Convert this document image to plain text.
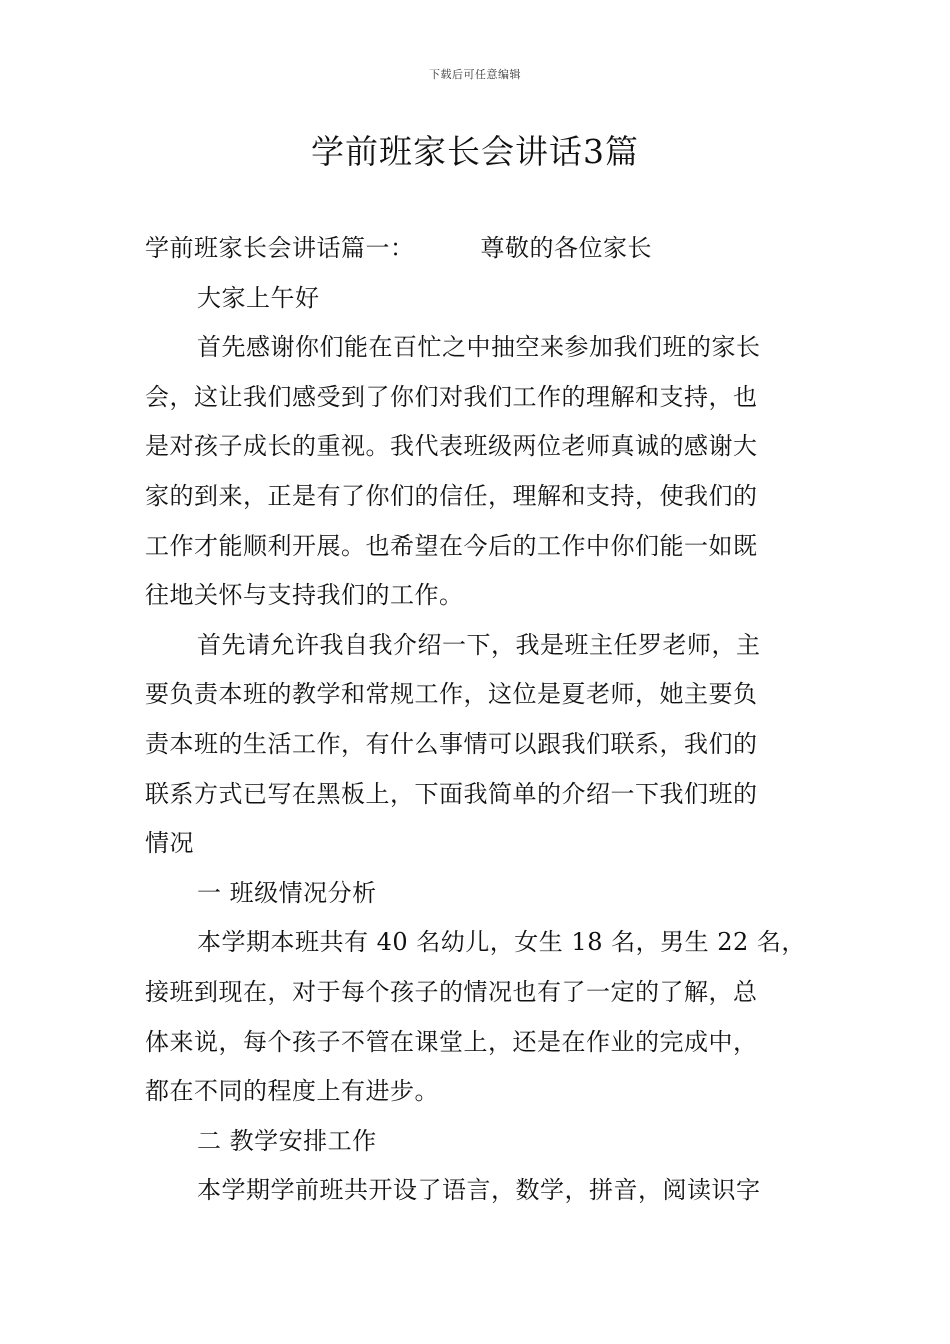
下载后可任意编辑
学前班家长会讲话3篇
学前班家长会讲话篇一：	尊敬的各位家长
大家上午好
首先感谢你们能在百忙之中抽空来参加我们班的家长
会，这让我们感受到了你们对我们工作的理解和支持，也
是对孩子成长的重视。我代表班级两位老师真诚的感谢大
家的到来，正是有了你们的信任，理解和支持，使我们的
工作才能顺利开展。也希望在今后的工作中你们能一如既
往地关怀与支持我们的工作。
首先请允许我自我介绍一下，我是班主任罗老师，主
要负责本班的教学和常规工作，这位是夏老师，她主要负
责本班的生活工作，有什么事情可以跟我们联系，我们的
联系方式已写在黑板上，下面我简单的介绍一下我们班的
情况
一 班级情况分析
本学期本班共有 40 名幼儿，女生 18 名，男生 22 名，
接班到现在，对于每个孩子的情况也有了一定的了解，总
体来说，每个孩子不管在课堂上，还是在作业的完成中，
都在不同的程度上有进步。
二 教学安排工作
本学期学前班共开设了语言，数学，拼音，阅读识字
